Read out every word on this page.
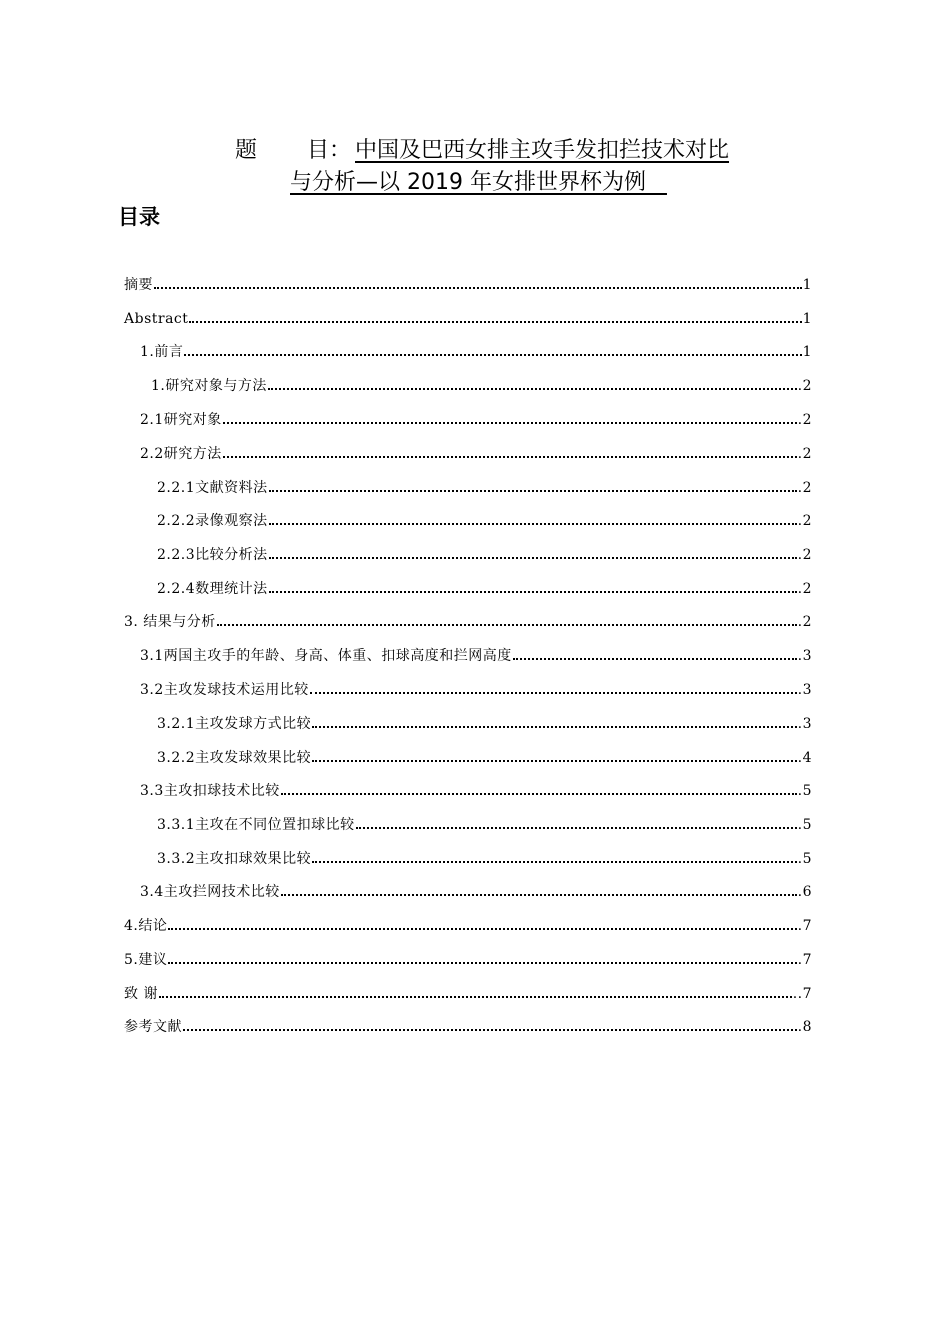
题 目： 中国及巴西女排主攻手发扣拦技术对比
与分析—以 2019 年女排世界杯为例
目录
摘要	1
Abstract	1
1.前言	1
1.研究对象与方法	.2
2.1研究对象	.2
2.2研究方法	.2
2.2.1文献资料法	.2
2.2.2录像观察法	.2
2.2.3比较分析法	.2
2.2.4数理统计法	.2
3. 结果与分析	.2
3.1两国主攻手的年龄、身高、体重、扣球高度和拦网高度	.3
3.2主攻发球技术运用比较	.3
3.2.1主攻发球方式比较	.3
3.2.2主攻发球效果比较	.4
3.3主攻扣球技术比较	.5
3.3.1主攻在不同位置扣球比较	.5
3.3.2主攻扣球效果比较	.5
3.4主攻拦网技术比较	.6
4.结论	.7
5.建议	.7
致 谢	..7
参考文献	.8
